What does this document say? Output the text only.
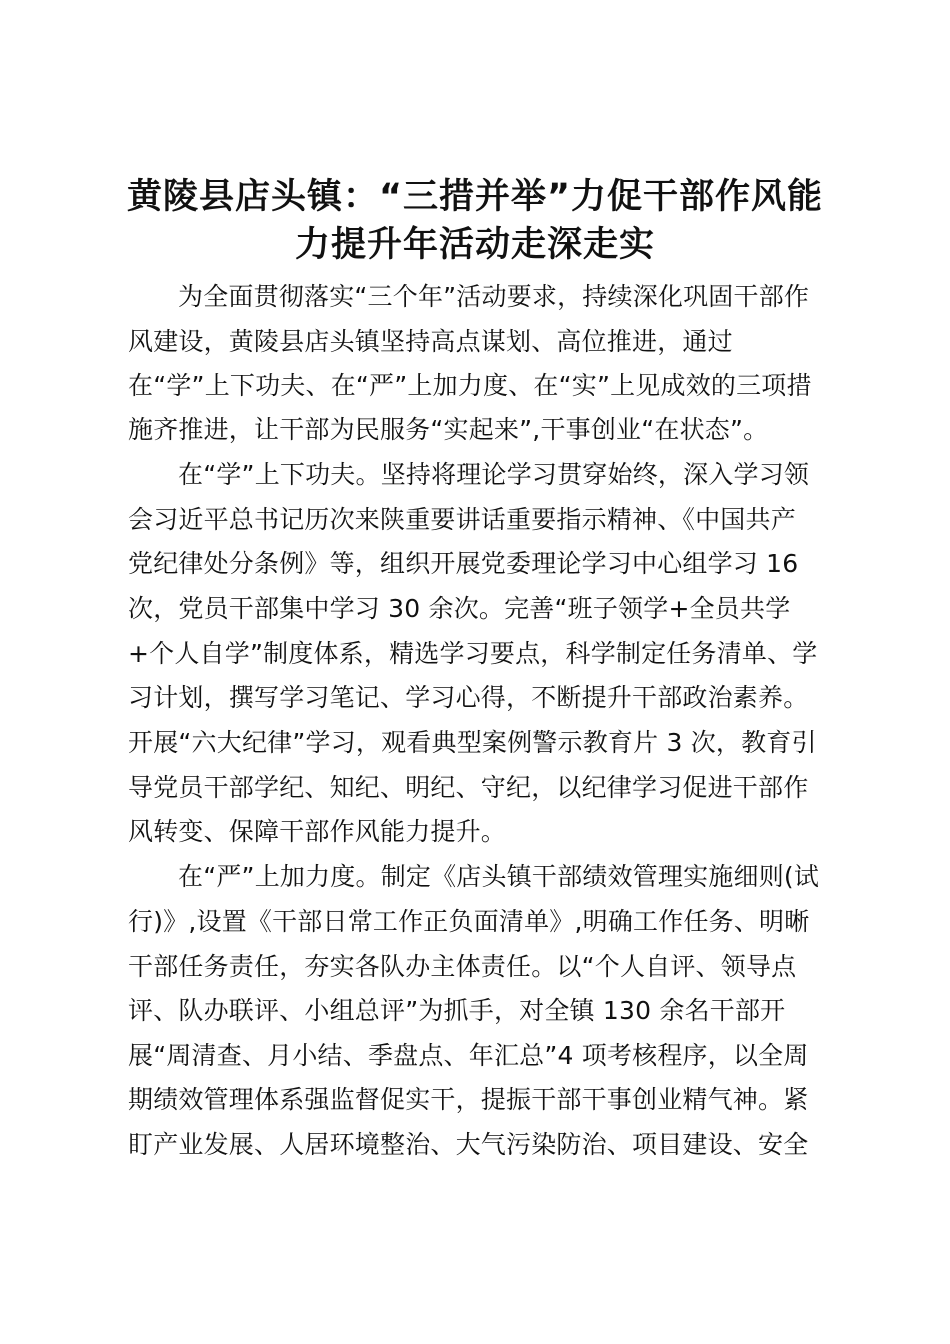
黄陵县店头镇：“三措并举”力促干部作风能
力提升年活动走深走实

为全面贯彻落实“三个年”活动要求，持续深化巩固干部作

风建设，黄陵县店头镇坚持高点谋划、高位推进，通过

在“学”上下功夫、在“严”上加力度、在“实”上见成效的三项措

施齐推进，让干部为民服务“实起来”,干事创业“在状态”。

在“学”上下功夫。坚持将理论学习贯穿始终，深入学习领

会习近平总书记历次来陕重要讲话重要指示精神、《中国共产

党纪律处分条例》等，组织开展党委理论学习中心组学习 16

次，党员干部集中学习 30 余次。完善“班子领学+全员共学

+个人自学”制度体系，精选学习要点，科学制定任务清单、学

习计划，撰写学习笔记、学习心得，不断提升干部政治素养。

开展“六大纪律”学习，观看典型案例警示教育片 3 次，教育引

导党员干部学纪、知纪、明纪、守纪，以纪律学习促进干部作

风转变、保障干部作风能力提升。

在“严”上加力度。制定《店头镇干部绩效管理实施细则(试

行)》,设置《干部日常工作正负面清单》,明确工作任务、明晰

干部任务责任，夯实各队办主体责任。以“个人自评、领导点

评、队办联评、小组总评”为抓手，对全镇 130 余名干部开

展“周清查、月小结、季盘点、年汇总”4 项考核程序，以全周

期绩效管理体系强监督促实干，提振干部干事创业精气神。紧

盯产业发展、人居环境整治、大气污染防治、项目建设、安全
